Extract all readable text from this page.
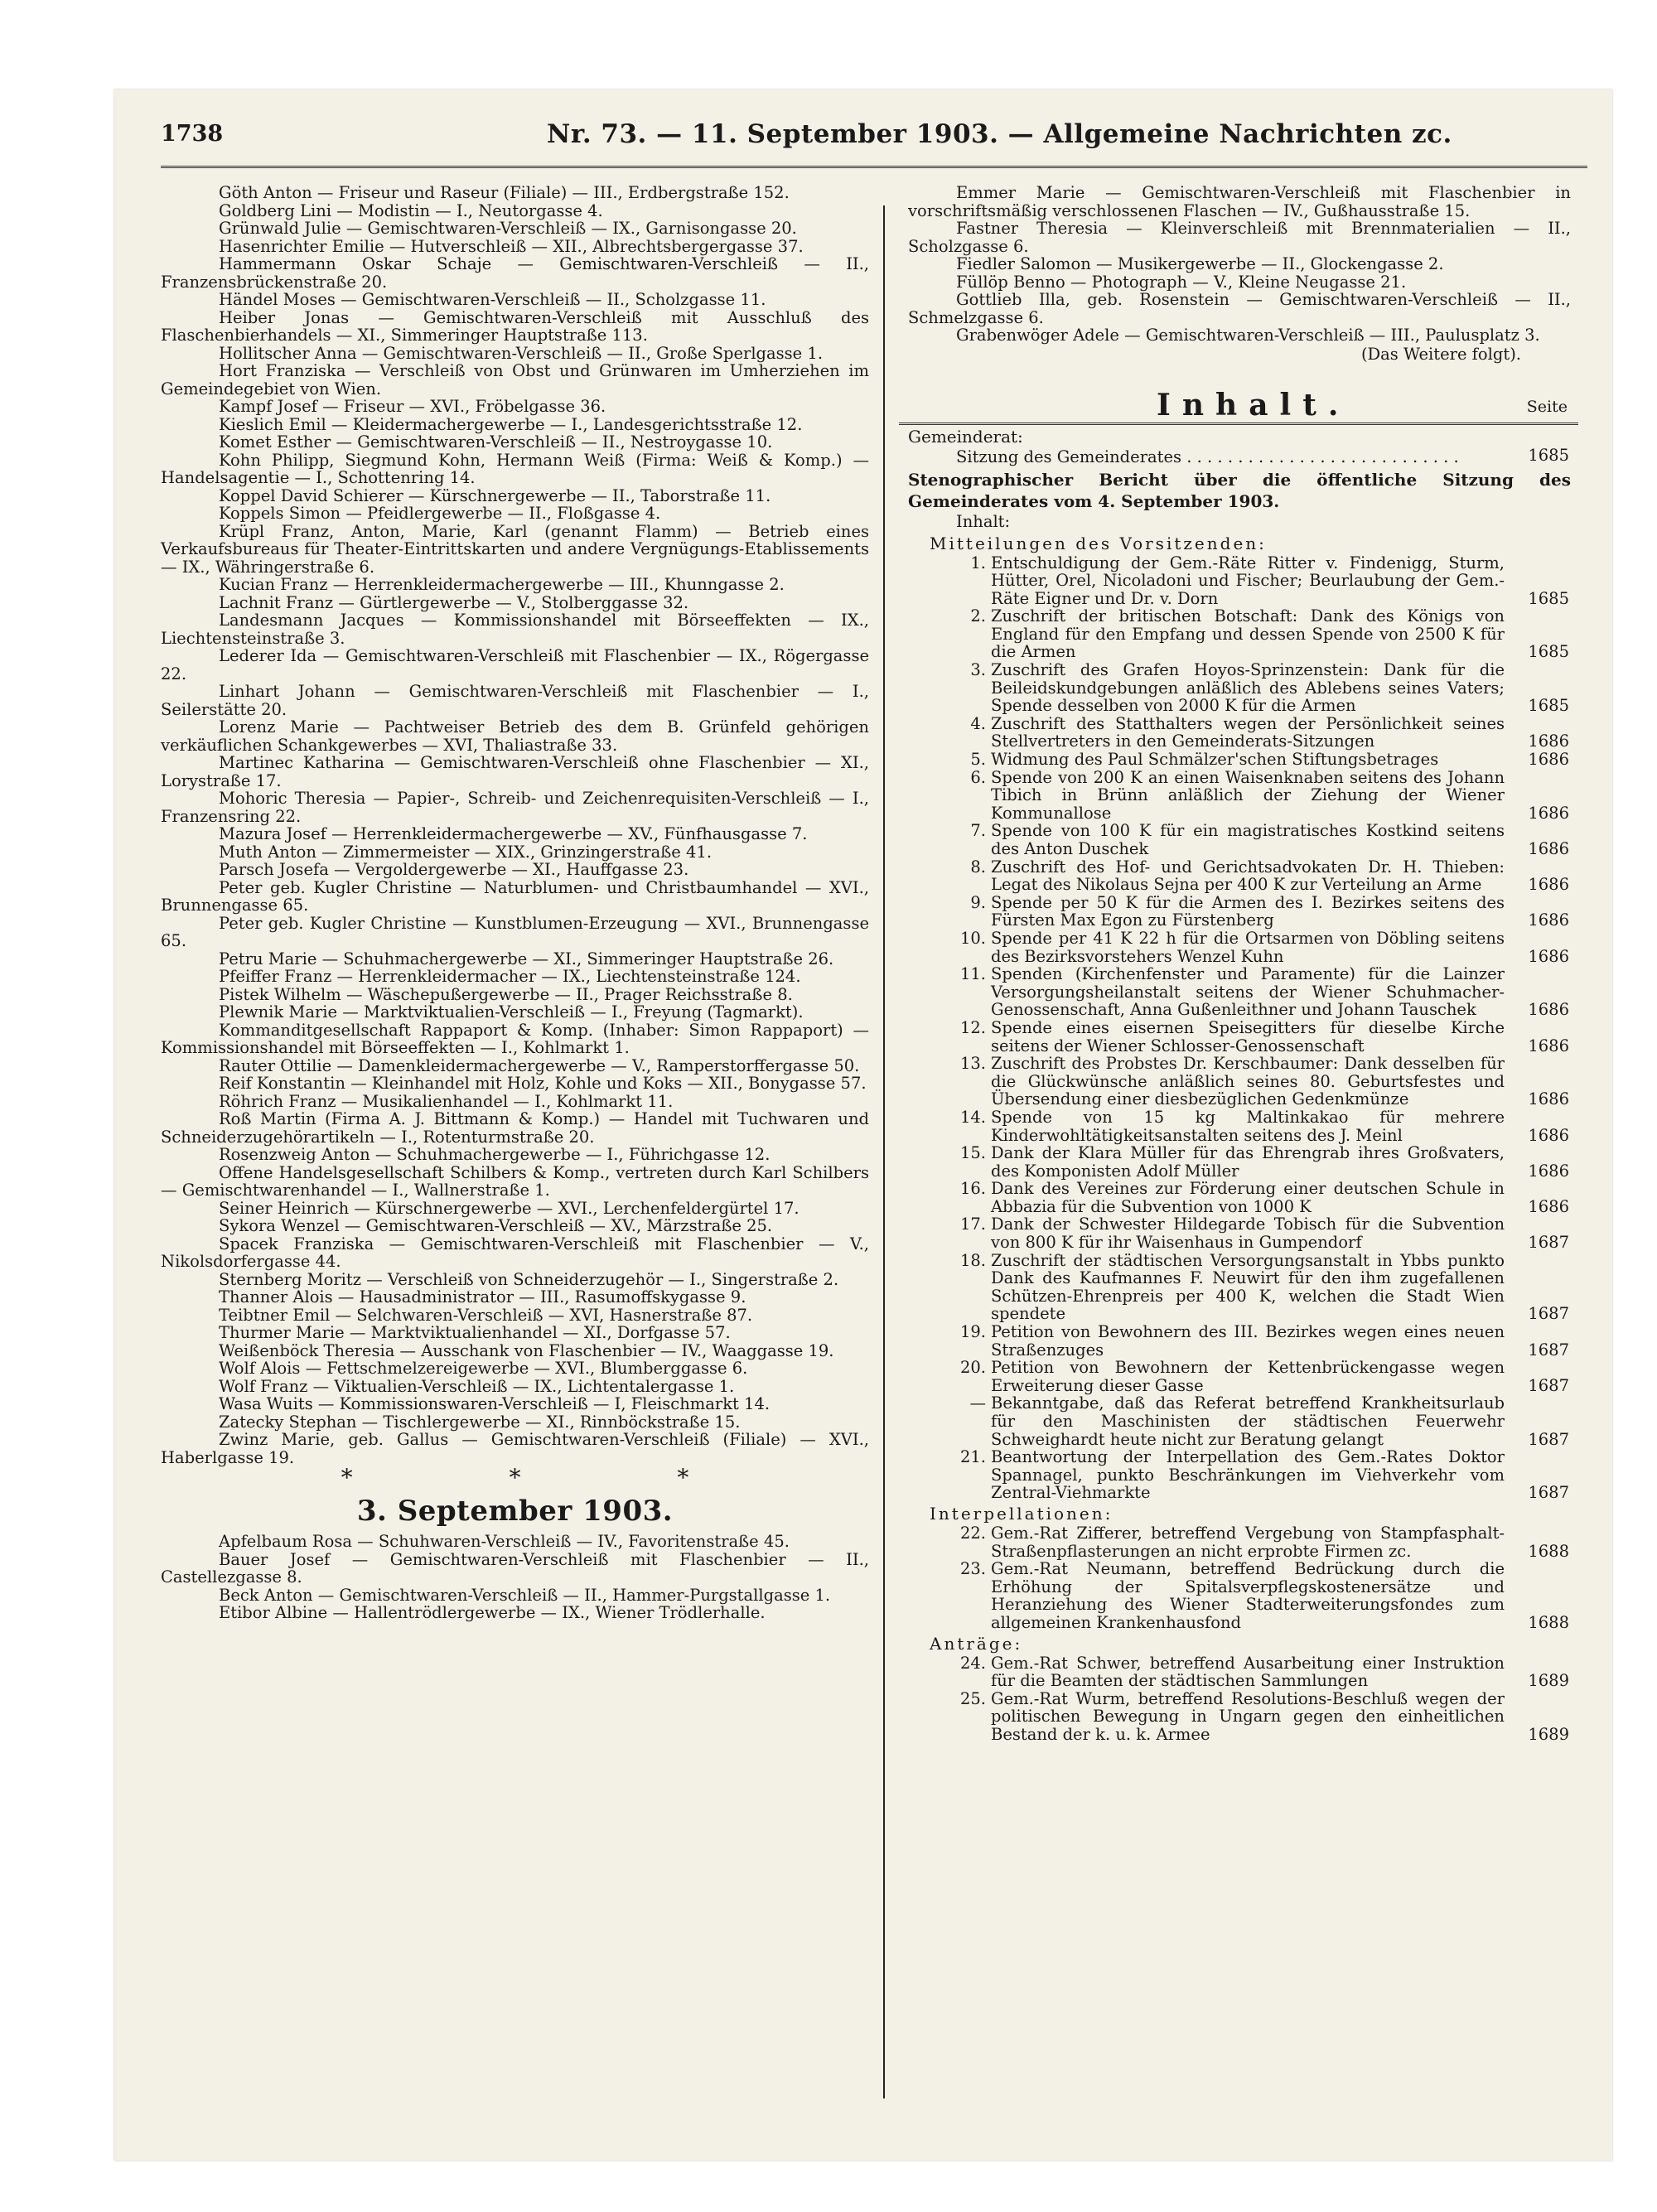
1738	Nr. 73. — 11. September 1903. — Allgemeine Nachrichten zc.

Göth Anton — Friseur und Raseur (Filiale) — III., Erdbergstraße 152.

Goldberg Lini — Modistin — I., Neutorgasse 4.

Grünwald Julie — Gemischtwaren-Verschleiß — IX., Garnisongasse 20.

Hasenrichter Emilie — Hutverschleiß — XII., Albrechtsbergergasse 37.

Hammermann Oskar Schaje — Gemischtwaren-Verschleiß — II., Franzensbrückenstraße 20.

Händel Moses — Gemischtwaren-Verschleiß — II., Scholzgasse 11.

Heiber Jonas — Gemischtwaren-Verschleiß mit Ausschluß des Flaschenbierhandels — XI., Simmeringer Hauptstraße 113.

Hollitscher Anna — Gemischtwaren-Verschleiß — II., Große Sperlgasse 1.

Hort Franziska — Verschleiß von Obst und Grünwaren im Umherziehen im Gemeindegebiet von Wien.

Kampf Josef — Friseur — XVI., Fröbelgasse 36.

Kieslich Emil — Kleidermachergewerbe — I., Landesgerichtsstraße 12.

Komet Esther — Gemischtwaren-Verschleiß — II., Nestroygasse 10.

Kohn Philipp, Siegmund Kohn, Hermann Weiß (Firma: Weiß & Komp.) — Handelsagentie — I., Schottenring 14.

Koppel David Schierer — Kürschnergewerbe — II., Taborstraße 11.

Koppels Simon — Pfeidlergewerbe — II., Floßgasse 4.

Krüpl Franz, Anton, Marie, Karl (genannt Flamm) — Betrieb eines Verkaufsbureaus für Theater-Eintrittskarten und andere Vergnügungs-Etablissements — IX., Währingerstraße 6.

Kucian Franz — Herrenkleidermachergewerbe — III., Khunngasse 2.

Lachnit Franz — Gürtlergewerbe — V., Stolberggasse 32.

Landesmann Jacques — Kommissionshandel mit Börseeffekten — IX., Liechtensteinstraße 3.

Lederer Ida — Gemischtwaren-Verschleiß mit Flaschenbier — IX., Rögergasse 22.

Linhart Johann — Gemischtwaren-Verschleiß mit Flaschenbier — I., Seilerstätte 20.

Lorenz Marie — Pachtweiser Betrieb des dem B. Grünfeld gehörigen verkäuflichen Schankgewerbes — XVI, Thaliastraße 33.

Martinec Katharina — Gemischtwaren-Verschleiß ohne Flaschenbier — XI., Lorystraße 17.

Mohoric Theresia — Papier-, Schreib- und Zeichenrequisiten-Verschleiß — I., Franzensring 22.

Mazura Josef — Herrenkleidermachergewerbe — XV., Fünfhausgasse 7.

Muth Anton — Zimmermeister — XIX., Grinzingerstraße 41.

Parsch Josefa — Vergoldergewerbe — XI., Hauffgasse 23.

Peter geb. Kugler Christine — Naturblumen- und Christbaumhandel — XVI., Brunnengasse 65.

Peter geb. Kugler Christine — Kunstblumen-Erzeugung — XVI., Brunnengasse 65.

Petru Marie — Schuhmachergewerbe — XI., Simmeringer Hauptstraße 26.

Pfeiffer Franz — Herrenkleidermacher — IX., Liechtensteinstraße 124.

Pistek Wilhelm — Wäschepußergewerbe — II., Prager Reichsstraße 8.

Plewnik Marie — Marktviktualien-Verschleiß — I., Freyung (Tagmarkt).

Kommanditgesellschaft Rappaport & Komp. (Inhaber: Simon Rappaport) — Kommissionshandel mit Börseeffekten — I., Kohlmarkt 1.

Rauter Ottilie — Damenkleidermachergewerbe — V., Ramperstorffergasse 50.

Reif Konstantin — Kleinhandel mit Holz, Kohle und Koks — XII., Bonygasse 57.

Röhrich Franz — Musikalienhandel — I., Kohlmarkt 11.

Roß Martin (Firma A. J. Bittmann & Komp.) — Handel mit Tuchwaren und Schneiderzugehörartikeln — I., Rotenturmstraße 20.

Rosenzweig Anton — Schuhmachergewerbe — I., Führichgasse 12.

Offene Handelsgesellschaft Schilbers & Komp., vertreten durch Karl Schilbers — Gemischtwarenhandel — I., Wallnerstraße 1.

Seiner Heinrich — Kürschnergewerbe — XVI., Lerchenfeldergürtel 17.

Sykora Wenzel — Gemischtwaren-Verschleiß — XV., Märzstraße 25.

Spacek Franziska — Gemischtwaren-Verschleiß mit Flaschenbier — V., Nikolsdorfergasse 44.

Sternberg Moritz — Verschleiß von Schneiderzugehör — I., Singerstraße 2.

Thanner Alois — Hausadministrator — III., Rasumoffskygasse 9.

Teibtner Emil — Selchwaren-Verschleiß — XVI, Hasnerstraße 87.

Thurmer Marie — Marktviktualienhandel — XI., Dorfgasse 57.

Weißenböck Theresia — Ausschank von Flaschenbier — IV., Waaggasse 19.

Wolf Alois — Fettschmelzereigewerbe — XVI., Blumberggasse 6.

Wolf Franz — Viktualien-Verschleiß — IX., Lichtentalergasse 1.

Wasa Wuits — Kommissionswaren-Verschleiß — I, Fleischmarkt 14.

Zatecky Stephan — Tischlergewerbe — XI., Rinnböckstraße 15.

Zwinz Marie, geb. Gallus — Gemischtwaren-Verschleiß (Filiale) — XVI., Haberlgasse 19.

* * *
3. September 1903.

Apfelbaum Rosa — Schuhwaren-Verschleiß — IV., Favoritenstraße 45.

Bauer Josef — Gemischtwaren-Verschleiß mit Flaschenbier — II., Castellezgasse 8.

Beck Anton — Gemischtwaren-Verschleiß — II., Hammer-Purgstallgasse 1.

Etibor Albine — Hallentrödlergewerbe — IX., Wiener Trödlerhalle.

Emmer Marie — Gemischtwaren-Verschleiß mit Flaschenbier in vorschriftsmäßig verschlossenen Flaschen — IV., Gußhausstraße 15.

Fastner Theresia — Kleinverschleiß mit Brennmaterialien — II., Scholzgasse 6.

Fiedler Salomon — Musikergewerbe — II., Glockengasse 2.

Füllöp Benno — Photograph — V., Kleine Neugasse 21.

Gottlieb Illa, geb. Rosenstein — Gemischtwaren-Verschleiß — II., Schmelzgasse 6.

Grabenwöger Adele — Gemischtwaren-Verschleiß — III., Paulusplatz 3.

(Das Weitere folgt).
Inhalt.	Seite
Gemeinderat:
Sitzung des Gemeinderates . . . . . . . . . . . . . . . . . . . . . . . . . . .	1685
Stenographischer Bericht über die öffentliche Sitzung des Gemeinderates vom 4. September 1903.
Inhalt:
Mitteilungen des Vorsitzenden:
1. Entschuldigung der Gem.-Räte Ritter v. Findenigg, Sturm, Hütter, Orel, Nicoladoni und Fischer; Beurlaubung der Gem.-Räte Eigner und Dr. v. Dorn	1685
2. Zuschrift der britischen Botschaft: Dank des Königs von England für den Empfang und dessen Spende von 2500 K für die Armen	1685
3. Zuschrift des Grafen Hoyos-Sprinzenstein: Dank für die Beileidskundgebungen anläßlich des Ablebens seines Vaters; Spende desselben von 2000 K für die Armen	1685
4. Zuschrift des Statthalters wegen der Persönlichkeit seines Stellvertreters in den Gemeinderats-Sitzungen	1686
5. Widmung des Paul Schmälzer'schen Stiftungsbetrages	1686
6. Spende von 200 K an einen Waisenknaben seitens des Johann Tibich in Brünn anläßlich der Ziehung der Wiener Kommunallose	1686
7. Spende von 100 K für ein magistratisches Kostkind seitens des Anton Duschek	1686
8. Zuschrift des Hof- und Gerichtsadvokaten Dr. H. Thieben: Legat des Nikolaus Sejna per 400 K zur Verteilung an Arme	1686
9. Spende per 50 K für die Armen des I. Bezirkes seitens des Fürsten Max Egon zu Fürstenberg	1686
10. Spende per 41 K 22 h für die Ortsarmen von Döbling seitens des Bezirksvorstehers Wenzel Kuhn	1686
11. Spenden (Kirchenfenster und Paramente) für die Lainzer Versorgungsheilanstalt seitens der Wiener Schuhmacher-Genossenschaft, Anna Gußenleithner und Johann Tauschek	1686
12. Spende eines eisernen Speisegitters für dieselbe Kirche seitens der Wiener Schlosser-Genossenschaft	1686
13. Zuschrift des Probstes Dr. Kerschbaumer: Dank desselben für die Glückwünsche anläßlich seines 80. Geburtsfestes und Übersendung einer diesbezüglichen Gedenkmünze	1686
14. Spende von 15 kg Maltinkakao für mehrere Kinderwohltätigkeitsanstalten seitens des J. Meinl	1686
15. Dank der Klara Müller für das Ehrengrab ihres Großvaters, des Komponisten Adolf Müller	1686
16. Dank des Vereines zur Förderung einer deutschen Schule in Abbazia für die Subvention von 1000 K	1686
17. Dank der Schwester Hildegarde Tobisch für die Subvention von 800 K für ihr Waisenhaus in Gumpendorf	1687
18. Zuschrift der städtischen Versorgungsanstalt in Ybbs punkto Dank des Kaufmannes F. Neuwirt für den ihm zugefallenen Schützen-Ehrenpreis per 400 K, welchen die Stadt Wien spendete	1687
19. Petition von Bewohnern des III. Bezirkes wegen eines neuen Straßenzuges	1687
20. Petition von Bewohnern der Kettenbrückengasse wegen Erweiterung dieser Gasse	1687
— Bekanntgabe, daß das Referat betreffend Krankheitsurlaub für den Maschinisten der städtischen Feuerwehr Schweighardt heute nicht zur Beratung gelangt	1687
21. Beantwortung der Interpellation des Gem.-Rates Doktor Spannagel, punkto Beschränkungen im Viehverkehr vom Zentral-Viehmarkte	1687
Interpellationen:
22. Gem.-Rat Zifferer, betreffend Vergebung von Stampfasphalt-Straßenpflasterungen an nicht erprobte Firmen zc.	1688
23. Gem.-Rat Neumann, betreffend Bedrückung durch die Erhöhung der Spitalsverpflegskostenersätze und Heranziehung des Wiener Stadterweiterungsfondes zum allgemeinen Krankenhausfond	1688
Anträge:
24. Gem.-Rat Schwer, betreffend Ausarbeitung einer Instruktion für die Beamten der städtischen Sammlungen	1689
25. Gem.-Rat Wurm, betreffend Resolutions-Beschluß wegen der politischen Bewegung in Ungarn gegen den einheitlichen Bestand der k. u. k. Armee	1689
